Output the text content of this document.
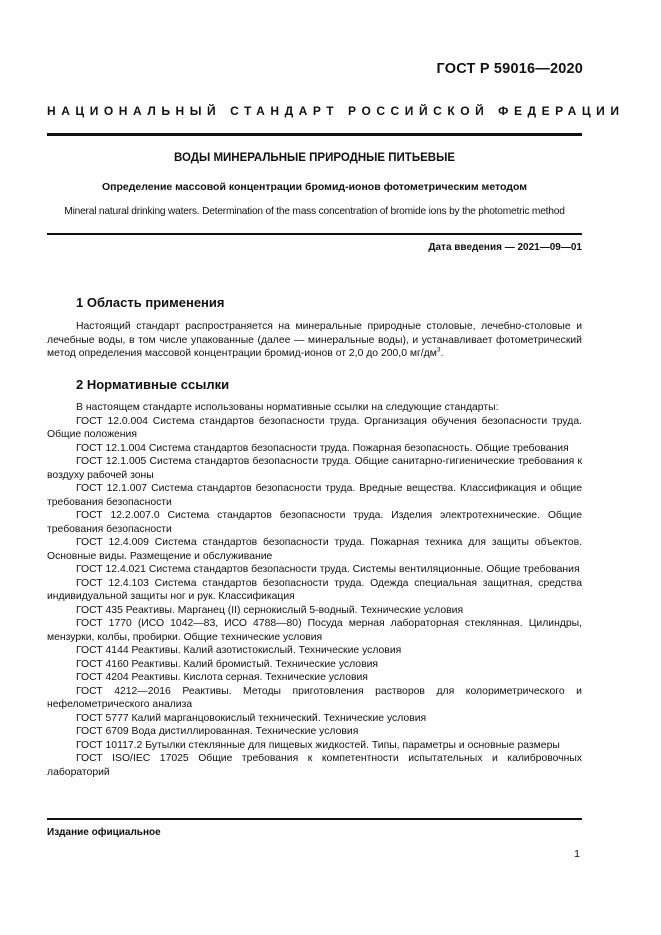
ГОСТ Р 59016—2020
НАЦИОНАЛЬНЫЙ СТАНДАРТ РОССИЙСКОЙ ФЕДЕРАЦИИ
ВОДЫ МИНЕРАЛЬНЫЕ ПРИРОДНЫЕ ПИТЬЕВЫЕ
Определение массовой концентрации бромид-ионов фотометрическим методом
Mineral natural drinking waters. Determination of the mass concentration of bromide ions by the photometric method
Дата введения — 2021—09—01
1 Область применения

Настоящий стандарт распространяется на минеральные природные столовые, лечебно-столовые и лечебные воды, в том числе упакованные (далее — минеральные воды), и устанавливает фотометрический метод определения массовой концентрации бромид-ионов от 2,0 до 200,0 $мг/дм^3$.

2 Нормативные ссылки

В настоящем стандарте использованы нормативные ссылки на следующие стандарты:

ГОСТ 12.0.004 Система стандартов безопасности труда. Организация обучения безопасности труда. Общие положения

ГОСТ 12.1.004 Система стандартов безопасности труда. Пожарная безопасность. Общие требования

ГОСТ 12.1.005 Система стандартов безопасности труда. Общие санитарно-гигиенические требования к воздуху рабочей зоны

ГОСТ 12.1.007 Система стандартов безопасности труда. Вредные вещества. Классификация и общие требования безопасности

ГОСТ 12.2.007.0 Система стандартов безопасности труда. Изделия электротехнические. Общие требования безопасности

ГОСТ 12.4.009 Система стандартов безопасности труда. Пожарная техника для защиты объектов. Основные виды. Размещение и обслуживание

ГОСТ 12.4.021 Система стандартов безопасности труда. Системы вентиляционные. Общие требования

ГОСТ 12.4.103 Система стандартов безопасности труда. Одежда специальная защитная, средства индивидуальной защиты ног и рук. Классификация

ГОСТ 435 Реактивы. Марганец (II) сернокислый 5-водный. Технические условия

ГОСТ 1770 (ИСО 1042—83, ИСО 4788—80) Посуда мерная лабораторная стеклянная. Цилиндры, мензурки, колбы, пробирки. Общие технические условия

ГОСТ 4144 Реактивы. Калий азотистокислый. Технические условия

ГОСТ 4160 Реактивы. Калий бромистый. Технические условия

ГОСТ 4204 Реактивы. Кислота серная. Технические условия

ГОСТ 4212—2016 Реактивы. Методы приготовления растворов для колориметрического и нефелометрического анализа

ГОСТ 5777 Калий марганцовокислый технический. Технические условия

ГОСТ 6709 Вода дистиллированная. Технические условия

ГОСТ 10117.2 Бутылки стеклянные для пищевых жидкостей. Типы, параметры и основные размеры

ГОСТ ISO/IEC 17025 Общие требования к компетентности испытательных и калибровочных лабораторий

Издание официальное
1
